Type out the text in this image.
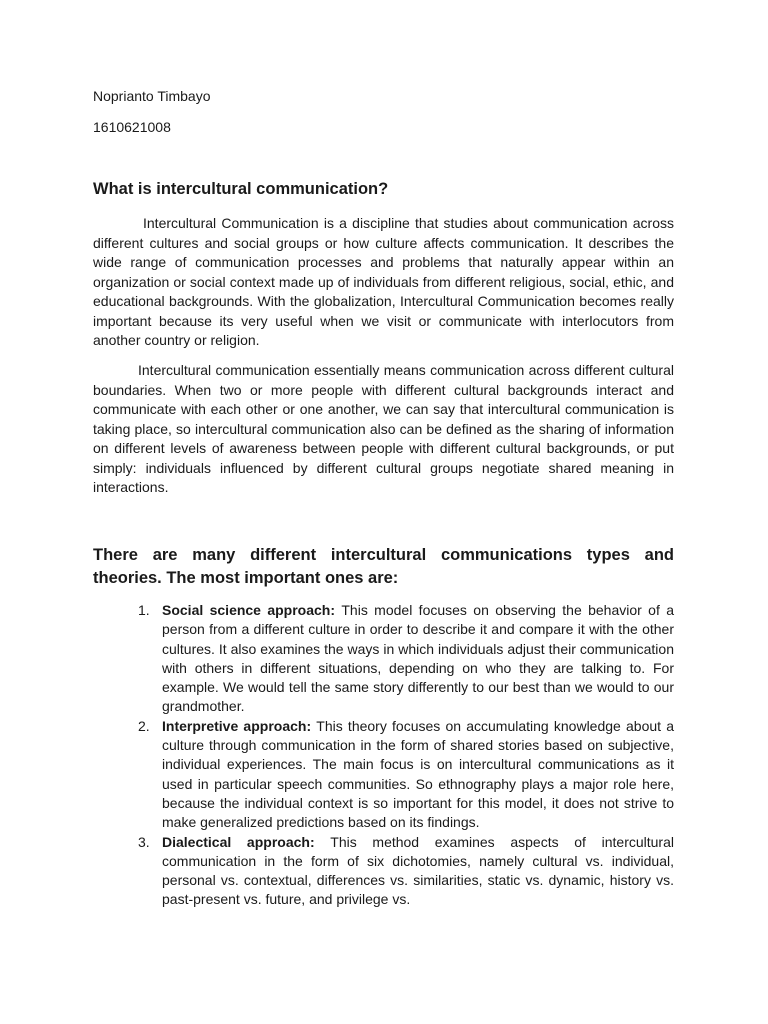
Noprianto Timbayo
1610621008
What is intercultural communication?

Intercultural Communication is a discipline that studies about communication across different cultures and social groups or how culture affects communication. It describes the wide range of communication processes and problems that naturally appear within an organization or social context made up of individuals from different religious, social, ethic, and educational backgrounds. With the globalization, Intercultural Communication becomes really important because its very useful when we visit or communicate with interlocutors from another country or religion.

Intercultural communication essentially means communication across different cultural boundaries. When two or more people with different cultural backgrounds interact and communicate with each other or one another, we can say that intercultural communication is taking place, so intercultural communication also can be defined as the sharing of information on different levels of awareness between people with different cultural backgrounds, or put simply: individuals influenced by different cultural groups negotiate shared meaning in interactions.

There are many different intercultural communications types and
theories. The most important ones are:
1. Social science approach: This model focuses on observing the behavior of a person from a different culture in order to describe it and compare it with the other cultures. It also examines the ways in which individuals adjust their communication with others in different situations, depending on who they are talking to. For example. We would tell the same story differently to our best than we would to our grandmother.
2. Interpretive approach: This theory focuses on accumulating knowledge about a culture through communication in the form of shared stories based on subjective, individual experiences. The main focus is on intercultural communications as it used in particular speech communities. So ethnography plays a major role here, because the individual context is so important for this model, it does not strive to make generalized predictions based on its findings.
3. Dialectical approach: This method examines aspects of intercultural communication in the form of six dichotomies, namely cultural vs. individual, personal vs. contextual, differences vs. similarities, static vs. dynamic, history vs. past-present vs. future, and privilege vs.
